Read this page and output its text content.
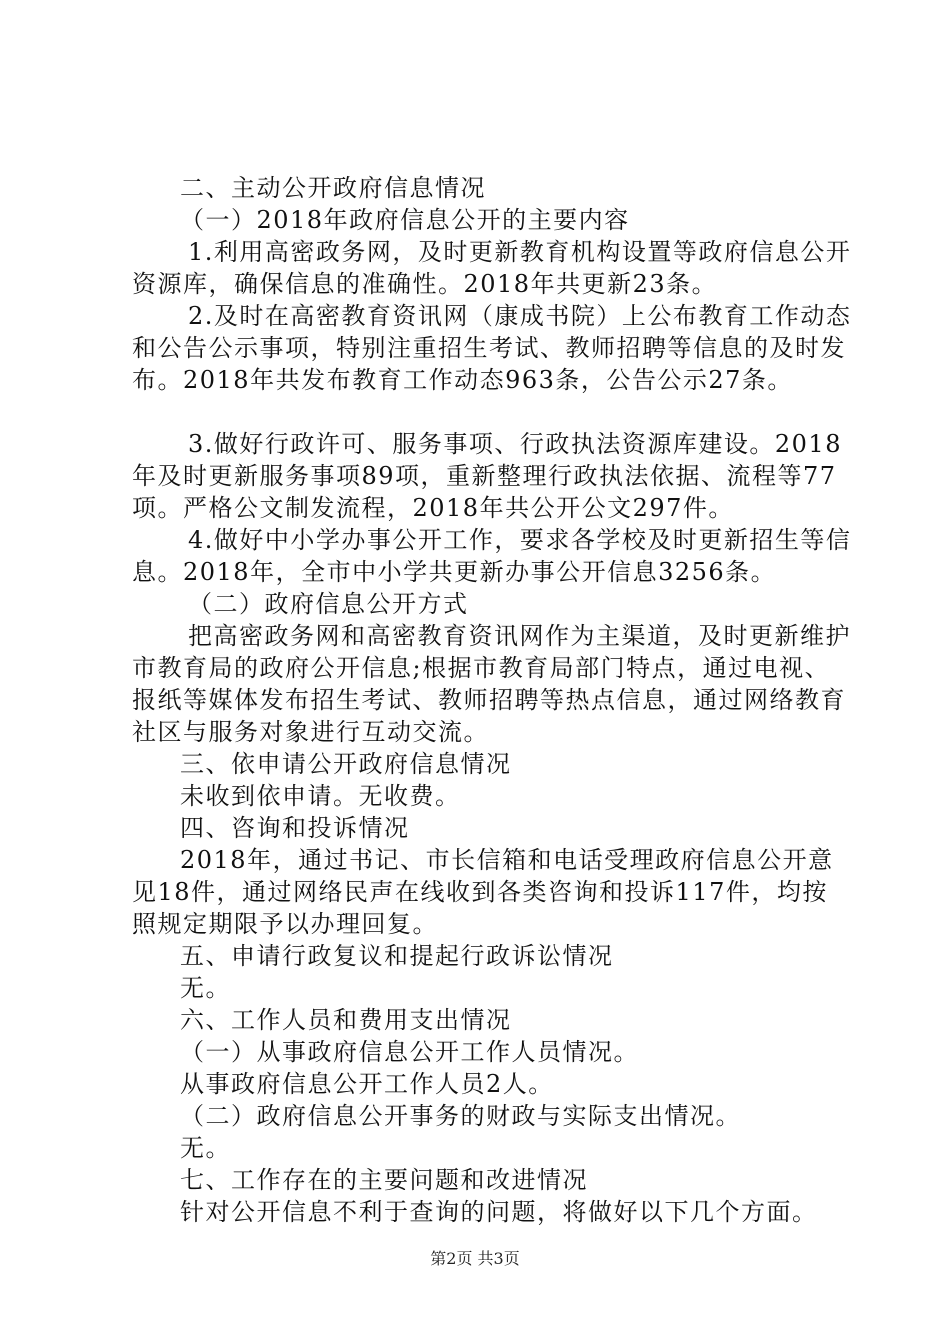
二、主动公开政府信息情况

（一）2018年政府信息公开的主要内容

1.利用高密政务网，及时更新教育机构设置等政府信息公开资源库，确保信息的准确性。2018年共更新23条。

2.及时在高密教育资讯网（康成书院）上公布教育工作动态和公告公示事项，特别注重招生考试、教师招聘等信息的及时发布。2018年共发布教育工作动态963条，公告公示27条。

3.做好行政许可、服务事项、行政执法资源库建设。2018年及时更新服务事项89项，重新整理行政执法依据、流程等77项。严格公文制发流程，2018年共公开公文297件。

4.做好中小学办事公开工作，要求各学校及时更新招生等信息。2018年，全市中小学共更新办事公开信息3256条。

（二）政府信息公开方式

把高密政务网和高密教育资讯网作为主渠道，及时更新维护市教育局的政府公开信息;根据市教育局部门特点，通过电视、报纸等媒体发布招生考试、教师招聘等热点信息，通过网络教育社区与服务对象进行互动交流。

三、依申请公开政府信息情况

未收到依申请。无收费。

四、咨询和投诉情况

2018年，通过书记、市长信箱和电话受理政府信息公开意见18件，通过网络民声在线收到各类咨询和投诉117件，均按照规定期限予以办理回复。

五、申请行政复议和提起行政诉讼情况

无。

六、工作人员和费用支出情况

（一）从事政府信息公开工作人员情况。

从事政府信息公开工作人员2人。

（二）政府信息公开事务的财政与实际支出情况。

无。

七、工作存在的主要问题和改进情况

针对公开信息不利于查询的问题，将做好以下几个方面。

第2页 共3页
